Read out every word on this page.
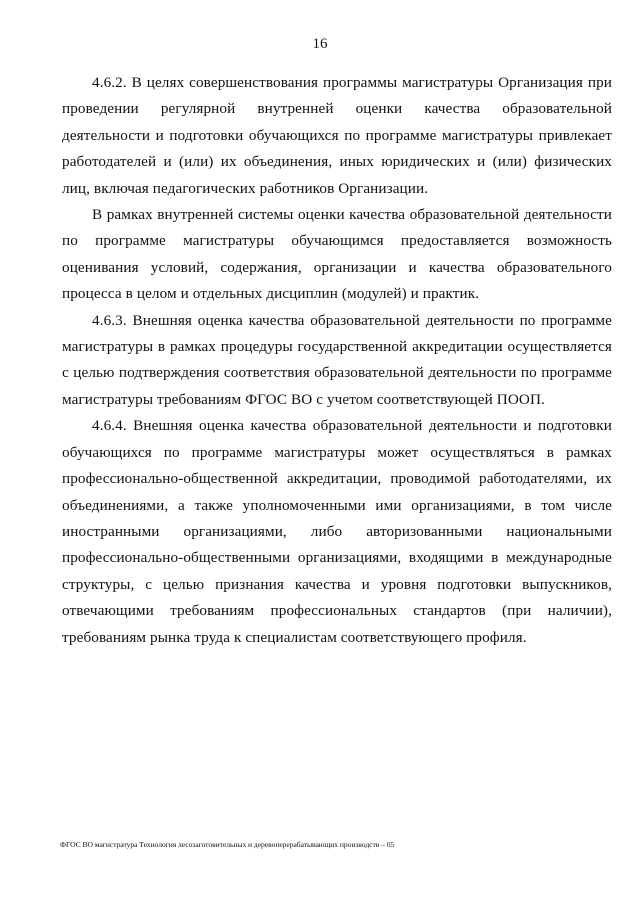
16

4.6.2. В целях совершенствования программы магистратуры Организация при проведении регулярной внутренней оценки качества образовательной деятельности и подготовки обучающихся по программе магистратуры привлекает работодателей и (или) их объединения, иных юридических и (или) физических лиц, включая педагогических работников Организации.

В рамках внутренней системы оценки качества образовательной деятельности по программе магистратуры обучающимся предоставляется возможность оценивания условий, содержания, организации и качества образовательного процесса в целом и отдельных дисциплин (модулей) и практик.

4.6.3. Внешняя оценка качества образовательной деятельности по программе магистратуры в рамках процедуры государственной аккредитации осуществляется с целью подтверждения соответствия образовательной деятельности по программе магистратуры требованиям ФГОС ВО с учетом соответствующей ПООП.

4.6.4. Внешняя оценка качества образовательной деятельности и подготовки обучающихся по программе магистратуры может осуществляться в рамках профессионально-общественной аккредитации, проводимой работодателями, их объединениями, а также уполномоченными ими организациями, в том числе иностранными организациями, либо авторизованными национальными профессионально-общественными организациями, входящими в международные структуры, с целью признания качества и уровня подготовки выпускников, отвечающими требованиям профессиональных стандартов (при наличии), требованиям рынка труда к специалистам соответствующего профиля.

ФГОС ВО магистратура Технология лесозаготовительных и деревоперерабатывающих производств – 05
